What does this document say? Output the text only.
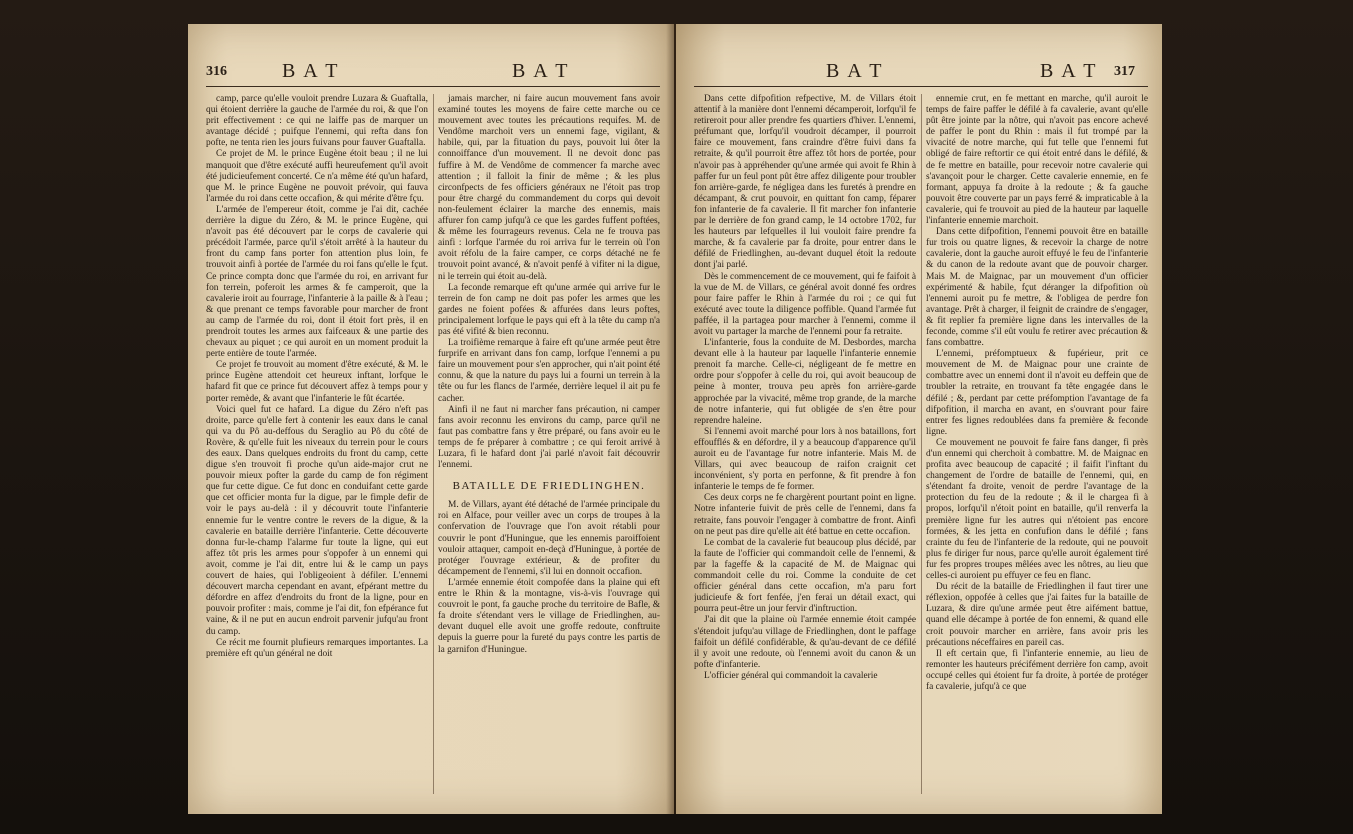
316	B A T	B A T

camp, parce qu'elle vouloit prendre Luzara & Guaftalla, qui étoient derrière la gauche de l'armée du roi, & que l'on prit effectivement : ce qui ne laiffe pas de marquer un avantage décidé ; puifque l'ennemi, qui refta dans fon pofte, ne tenta rien les jours fuivans pour fauver Guaftalla.

Ce projet de M. le prince Eugène étoit beau ; il ne lui manquoit que d'être exécuté auffi heureufement qu'il avoit été judicieufement concerté. Ce n'a même été qu'un hafard, que M. le prince Eugène ne pouvoit prévoir, qui fauva l'armée du roi dans cette occafion, & qui mérite d'être fçu.

L'armée de l'empereur étoit, comme je l'ai dit, cachée derrière la digue du Zéro, & M. le prince Eugène, qui n'avoit pas été découvert par le corps de cavalerie qui précédoit l'armée, parce qu'il s'étoit arrêté à la hauteur du front du camp fans porter fon attention plus loin, fe trouvoit ainfi à portée de l'armée du roi fans qu'elle le fçut. Ce prince compta donc que l'armée du roi, en arrivant fur fon terrein, poferoit les armes & fe camperoit, que la cavalerie iroit au fourrage, l'infanterie à la paille & à l'eau ; & que prenant ce temps favorable pour marcher de front au camp de l'armée du roi, dont il étoit fort près, il en prendroit toutes les armes aux faifceaux & une partie des chevaux au piquet ; ce qui auroit en un moment produit la perte entière de toute l'armée.

Ce projet fe trouvoit au moment d'être exécuté, & M. le prince Eugène attendoit cet heureux inftant, lorfque le hafard fit que ce prince fut découvert affez à temps pour y porter remède, & avant que l'infanterie le fût écartée.

Voici quel fut ce hafard. La digue du Zéro n'eft pas droite, parce qu'elle fert à contenir les eaux dans le canal qui va du Pô au-deffous du Seraglio au Pô du côté de Rovère, & qu'elle fuit les niveaux du terrein pour le cours des eaux. Dans quelques endroits du front du camp, cette digue s'en trouvoit fi proche qu'un aide-major crut ne pouvoir mieux pofter la garde du camp de fon régiment que fur cette digue. Ce fut donc en conduifant cette garde que cet officier monta fur la digue, par le fimple defir de voir le pays au-delà : il y découvrit toute l'infanterie ennemie fur le ventre contre le revers de la digue, & la cavalerie en bataille derrière l'infanterie. Cette découverte donna fur-le-champ l'alarme fur toute la ligne, qui eut affez tôt pris les armes pour s'oppofer à un ennemi qui avoit, comme je l'ai dit, entre lui & le camp un pays couvert de haies, qui l'obligeoient à défiler. L'ennemi découvert marcha cependant en avant, efpérant mettre du défordre en affez d'endroits du front de la ligne, pour en pouvoir profiter : mais, comme je l'ai dit, fon efpérance fut vaine, & il ne put en aucun endroit parvenir jufqu'au front du camp.

Ce récit me fournit plufieurs remarques importantes. La première eft qu'un général ne doit

jamais marcher, ni faire aucun mouvement fans avoir examiné toutes les moyens de faire cette marche ou ce mouvement avec toutes les précautions requifes. M. de Vendôme marchoit vers un ennemi fage, vigilant, & habile, qui, par la fituation du pays, pouvoit lui ôter la connoiffance d'un mouvement. Il ne devoit donc pas fuffire à M. de Vendôme de commencer fa marche avec attention ; il falloit la finir de même ; & les plus circonfpects de fes officiers généraux ne l'étoit pas trop pour être chargé du commandement du corps qui devoit non-feulement éclairer la marche des ennemis, mais affurer fon camp jufqu'à ce que les gardes fuffent poftées, & même les fourrageurs revenus. Cela ne fe trouva pas ainfi : lorfque l'armée du roi arriva fur le terrein où l'on avoit réfolu de la faire camper, ce corps détaché ne fe trouvoit point avancé, & n'avoit penfé à vifiter ni la digue, ni le terrein qui étoit au-delà.

La feconde remarque eft qu'une armée qui arrive fur le terrein de fon camp ne doit pas pofer les armes que les gardes ne foient pofées & affurées dans leurs poftes, principalement lorfque le pays qui eft à la tête du camp n'a pas été vifité & bien reconnu.

La troifième remarque à faire eft qu'une armée peut être furprife en arrivant dans fon camp, lorfque l'ennemi a pu faire un mouvement pour s'en approcher, qui n'ait point été connu, & que la nature du pays lui a fourni un terrein à la tête ou fur les flancs de l'armée, derrière lequel il ait pu fe cacher.

Ainfi il ne faut ni marcher fans précaution, ni camper fans avoir reconnu les environs du camp, parce qu'il ne faut pas combattre fans y être préparé, ou fans avoir eu le temps de fe préparer à combattre ; ce qui feroit arrivé à Luzara, fi le hafard dont j'ai parlé n'avoit fait découvrir l'ennemi.

BATAILLE DE FRIEDLINGHEN.

M. de Villars, ayant été détaché de l'armée principale du roi en Alface, pour veiller avec un corps de troupes à la confervation de l'ouvrage que l'on avoit rétabli pour couvrir le pont d'Huningue, que les ennemis paroiffoient vouloir attaquer, campoit en-deçà d'Huningue, à portée de protéger l'ouvrage extérieur, & de profiter du décampement de l'ennemi, s'il lui en donnoit occafion.

L'armée ennemie étoit compofée dans la plaine qui eft entre le Rhin & la montagne, vis-à-vis l'ouvrage qui couvroit le pont, fa gauche proche du territoire de Bafle, & fa droite s'étendant vers le village de Friedlinghen, au-devant duquel elle avoit une groffe redoute, conftruite depuis la guerre pour la fureté du pays contre les partis de la garnifon d'Huningue.

B A T	B A T 317

Dans cette difpofition refpective, M. de Villars étoit attentif à la manière dont l'ennemi décamperoit, lorfqu'il fe retireroit pour aller prendre fes quartiers d'hiver. L'ennemi, préfumant que, lorfqu'il voudroit décamper, il pourroit faire ce mouvement, fans craindre d'être fuivi dans fa retraite, & qu'il pourroit être affez tôt hors de portée, pour n'avoir pas à appréhender qu'une armée qui avoit fe Rhin à paffer fur un feul pont pût être affez diligente pour troubler fon arrière-garde, fe négligea dans les furetés à prendre en décampant, & crut pouvoir, en quittant fon camp, féparer fon infanterie de fa cavalerie. Il fit marcher fon infanterie par le derrière de fon grand camp, le 14 octobre 1702, fur les hauteurs par lefquelles il lui vouloit faire prendre fa marche, & fa cavalerie par fa droite, pour entrer dans le défilé de Friedlinghen, au-devant duquel étoit la redoute dont j'ai parlé.

Dès le commencement de ce mouvement, qui fe faifoit à la vue de M. de Villars, ce général avoit donné fes ordres pour faire paffer le Rhin à l'armée du roi ; ce qui fut exécuté avec toute la diligence poffible. Quand l'armée fut paffée, il la partagea pour marcher à l'ennemi, comme il avoit vu partager la marche de l'ennemi pour fa retraite.

L'infanterie, fous la conduite de M. Desbordes, marcha devant elle à la hauteur par laquelle l'infanterie ennemie prenoit fa marche. Celle-ci, négligeant de fe mettre en ordre pour s'oppofer à celle du roi, qui avoit beaucoup de peine à monter, trouva peu après fon arrière-garde approchée par la vivacité, même trop grande, de la marche de notre infanterie, qui fut obligée de s'en être pour reprendre haleine.

Si l'ennemi avoit marché pour lors à nos bataillons, fort effoufflés & en défordre, il y a beaucoup d'apparence qu'il auroit eu de l'avantage fur notre infanterie. Mais M. de Villars, qui avec beaucoup de raifon craignit cet inconvénient, s'y porta en perfonne, & fit prendre à fon infanterie le temps de fe former.

Ces deux corps ne fe chargèrent pourtant point en ligne. Notre infanterie fuivit de près celle de l'ennemi, dans fa retraite, fans pouvoir l'engager à combattre de front. Ainfi on ne peut pas dire qu'elle ait été battue en cette occafion.

Le combat de la cavalerie fut beaucoup plus décidé, par la faute de l'officier qui commandoit celle de l'ennemi, & par la fageffe & la capacité de M. de Maignac qui commandoit celle du roi. Comme la conduite de cet officier général dans cette occafion, m'a paru fort judicieufe & fort fenfée, j'en ferai un détail exact, qui pourra peut-être un jour fervir d'inftruction.

J'ai dit que la plaine où l'armée ennemie étoit campée s'étendoit jufqu'au village de Friedlinghen, dont le paffage faifoit un défilé confidérable, & qu'au-devant de ce défilé il y avoit une redoute, où l'ennemi avoit du canon & un pofte d'infanterie.

L'officier général qui commandoit la cavalerie

ennemie crut, en fe mettant en marche, qu'il auroit le temps de faire paffer le défilé à fa cavalerie, avant qu'elle pût être jointe par la nôtre, qui n'avoit pas encore achevé de paffer le pont du Rhin : mais il fut trompé par la vivacité de notre marche, qui fut telle que l'ennemi fut obligé de faire reftortir ce qui étoit entré dans le défilé, & de fe mettre en bataille, pour recevoir notre cavalerie qui s'avançoit pour le charger. Cette cavalerie ennemie, en fe formant, appuya fa droite à la redoute ; & fa gauche pouvoit être couverte par un pays ferré & impraticable à la cavalerie, qui fe trouvoit au pied de la hauteur par laquelle l'infanterie ennemie marchoit.

Dans cette difpofition, l'ennemi pouvoit être en bataille fur trois ou quatre lignes, & recevoir la charge de notre cavalerie, dont la gauche auroit effuyé le feu de l'infanterie & du canon de la redoute avant que de pouvoir charger. Mais M. de Maignac, par un mouvement d'un officier expérimenté & habile, fçut déranger la difpofition où l'ennemi auroit pu fe mettre, & l'obligea de perdre fon avantage. Prêt à charger, il feignit de craindre de s'engager, & fit replier fa première ligne dans les intervalles de la feconde, comme s'il eût voulu fe retirer avec précaution & fans combattre.

L'ennemi, préfomptueux & fupérieur, prit ce mouvement de M. de Maignac pour une crainte de combattre avec un ennemi dont il n'avoit eu deffein que de troubler la retraite, en trouvant fa tête engagée dans le défilé ; &, perdant par cette préfomption l'avantage de fa difpofition, il marcha en avant, en s'ouvrant pour faire entrer fes lignes redoublées dans fa première & feconde ligne.

Ce mouvement ne pouvoit fe faire fans danger, fi près d'un ennemi qui cherchoit à combattre. M. de Maignac en profita avec beaucoup de capacité ; il faifit l'inftant du changement de l'ordre de bataille de l'ennemi, qui, en s'étendant fa droite, venoit de perdre l'avantage de la protection du feu de la redoute ; & il le chargea fi à propos, lorfqu'il n'étoit point en bataille, qu'il renverfa la première ligne fur les autres qui n'étoient pas encore formées, & les jetta en confufion dans le défilé ; fans crainte du feu de l'infanterie de la redoute, qui ne pouvoit plus fe diriger fur nous, parce qu'elle auroit également tiré fur fes propres troupes mêlées avec les nôtres, au lieu que celles-ci auroient pu effuyer ce feu en flanc.

Du récit de la bataille de Friedlinghen il faut tirer une réflexion, oppofée à celles que j'ai faites fur la bataille de Luzara, & dire qu'une armée peut être aifément battue, quand elle décampe à portée de fon ennemi, & quand elle croit pouvoir marcher en arrière, fans avoir pris les précautions néceffaires en pareil cas.

Il eft certain que, fi l'infanterie ennemie, au lieu de remonter les hauteurs précifément derrière fon camp, avoit occupé celles qui étoient fur fa droite, à portée de protéger fa cavalerie, jufqu'à ce que
